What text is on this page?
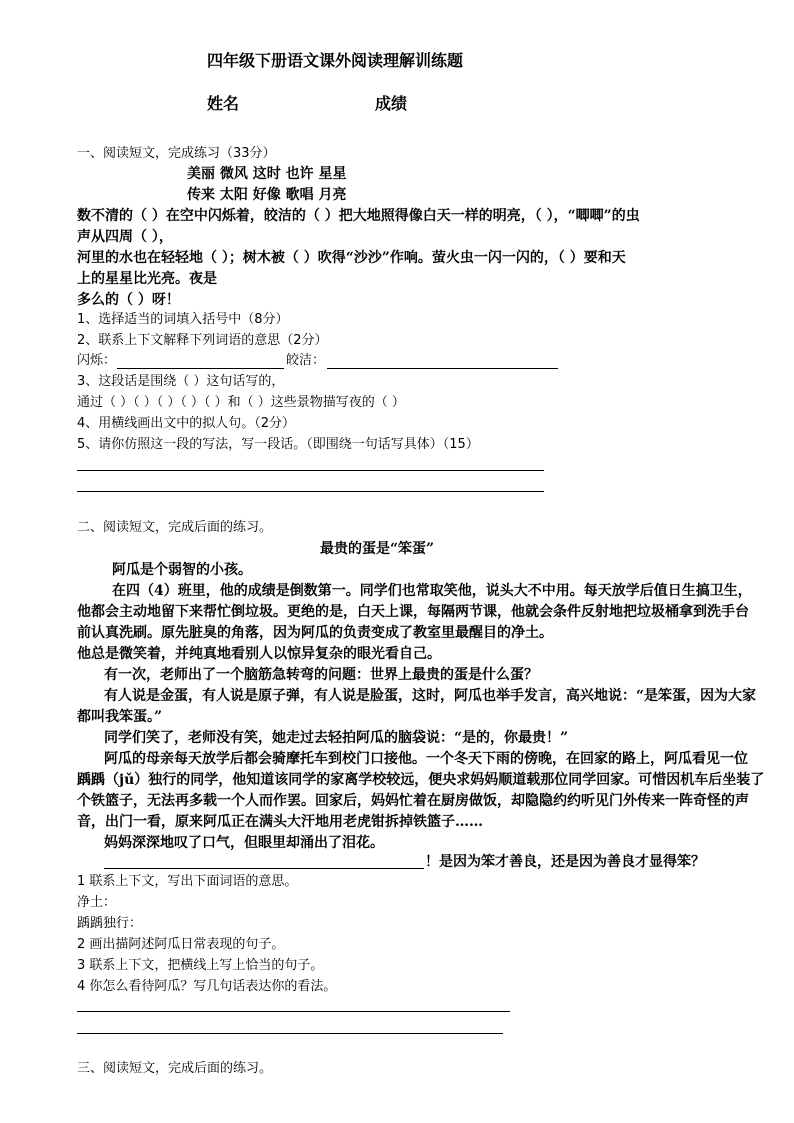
四年级下册语文课外阅读理解训练题
姓名	成绩
一、阅读短文，完成练习（33分）
美丽 微风 这时 也许 星星
传来 太阳 好像 歌唱 月亮
数不清的（ ）在空中闪烁着，皎洁的（ ）把大地照得像白天一样的明亮，（ ），“唧唧”的虫
声从四周（ ），
河里的水也在轻轻地（ ）；树木被（ ）吹得“沙沙”作响。萤火虫一闪一闪的，（ ）要和天
上的星星比光亮。夜是
多么的（ ）呀！
1、选择适当的词填入括号中（8分）
2、联系上下文解释下列词语的意思（2分）
闪烁：	皎洁：
3、这段话是围绕（ ）这句话写的，
通过（ ）（ ）（ ）（ ）（ ）和（ ）这些景物描写夜的（ ）
4、用横线画出文中的拟人句。（2分）
5、请你仿照这一段的写法，写一段话。（即围绕一句话写具体）（15）
二、阅读短文，完成后面的练习。
最贵的蛋是“笨蛋”
阿瓜是个弱智的小孩。
在四（4）班里，他的成绩是倒数第一。同学们也常取笑他，说头大不中用。每天放学后值日生搞卫生，
他都会主动地留下来帮忙倒垃圾。更绝的是，白天上课，每隔两节课，他就会条件反射地把垃圾桶拿到洗手台
前认真洗刷。原先脏臭的角落，因为阿瓜的负责变成了教室里最醒目的净土。
他总是微笑着，并纯真地看别人以惊异复杂的眼光看自己。
有一次，老师出了一个脑筋急转弯的问题：世界上最贵的蛋是什么蛋？
有人说是金蛋，有人说是原子弹，有人说是脸蛋，这时，阿瓜也举手发言，高兴地说：“是笨蛋，因为大家
都叫我笨蛋。”
同学们笑了，老师没有笑，她走过去轻拍阿瓜的脑袋说：“是的，你最贵！”
阿瓜的母亲每天放学后都会骑摩托车到校门口接他。一个冬天下雨的傍晚，在回家的路上，阿瓜看见一位
踽踽（jǔ）独行的同学，他知道该同学的家离学校较远，便央求妈妈顺道载那位同学回家。可惜因机车后坐装了
个铁篮子，无法再多载一个人而作罢。回家后，妈妈忙着在厨房做饭，却隐隐约约听见门外传来一阵奇怪的声
音，出门一看，原来阿瓜正在满头大汗地用老虎钳拆掉铁篮子……
妈妈深深地叹了口气，但眼里却涌出了泪花。
！是因为笨才善良，还是因为善良才显得笨？
1 联系上下文，写出下面词语的意思。
净土：
踽踽独行：
2 画出描阿述阿瓜日常表现的句子。
3 联系上下文，把横线上写上恰当的句子。
4 你怎么看待阿瓜？写几句话表达你的看法。
三、阅读短文，完成后面的练习。
